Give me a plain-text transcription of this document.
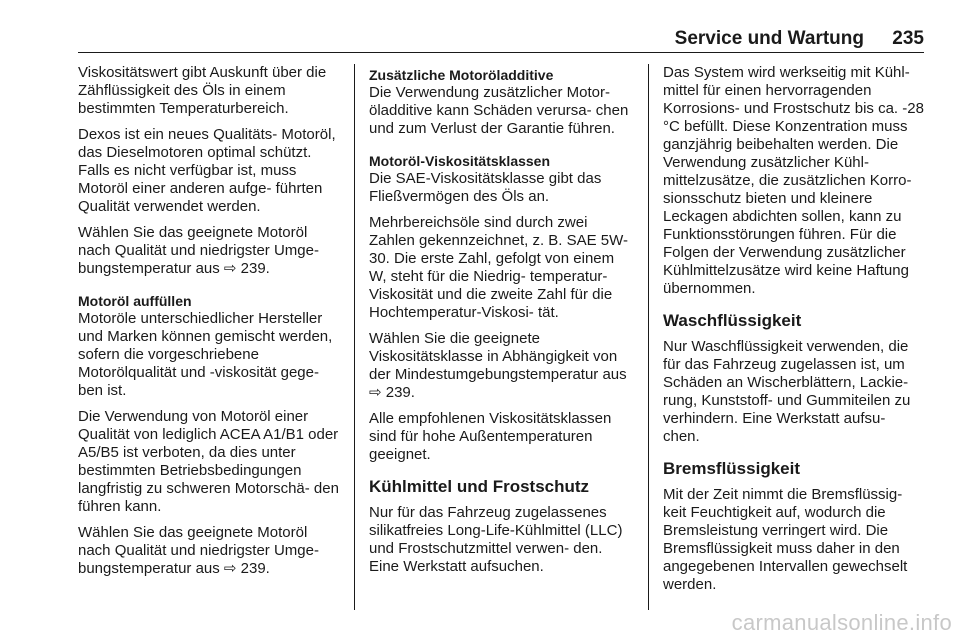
Service und Wartung 235

Viskositätswert gibt Auskunft über die Zähflüssigkeit des Öls in einem bestimmten Temperaturbereich.

Dexos ist ein neues Qualitäts- Motoröl, das Dieselmotoren optimal schützt. Falls es nicht verfügbar ist, muss Motoröl einer anderen aufge- führten Qualität verwendet werden.

Wählen Sie das geeignete Motoröl nach Qualität und niedrigster Umge- bungstemperatur aus ⇨ 239.

Motoröl auffüllen

Motoröle unterschiedlicher Hersteller und Marken können gemischt werden, sofern die vorgeschriebene Motorölqualität und -viskosität gege- ben ist.

Die Verwendung von Motoröl einer Qualität von lediglich ACEA A1/B1 oder A5/B5 ist verboten, da dies unter bestimmten Betriebsbedingungen langfristig zu schweren Motorschä- den führen kann.

Wählen Sie das geeignete Motoröl nach Qualität und niedrigster Umge- bungstemperatur aus ⇨ 239.

Zusätzliche Motoröladditive

Die Verwendung zusätzlicher Motor- öladditive kann Schäden verursa- chen und zum Verlust der Garantie führen.

Motoröl-Viskositätsklassen

Die SAE-Viskositätsklasse gibt das Fließvermögen des Öls an.

Mehrbereichsöle sind durch zwei Zahlen gekennzeichnet, z. B. SAE 5W-30. Die erste Zahl, gefolgt von einem W, steht für die Niedrig- temperatur-Viskosität und die zweite Zahl für die Hochtemperatur-Viskosi- tät.

Wählen Sie die geeignete Viskositätsklasse in Abhängigkeit von der Mindestumgebungstemperatur aus ⇨ 239.

Alle empfohlenen Viskositätsklassen sind für hohe Außentemperaturen geeignet.

Kühlmittel und Frostschutz

Nur für das Fahrzeug zugelassenes silikatfreies Long-Life-Kühlmittel (LLC) und Frostschutzmittel verwen- den. Eine Werkstatt aufsuchen.

Das System wird werkseitig mit Kühl- mittel für einen hervorragenden Korrosions- und Frostschutz bis ca. -28 °C befüllt. Diese Konzentration muss ganzjährig beibehalten werden. Die Verwendung zusätzlicher Kühl- mittelzusätze, die zusätzlichen Korro- sionsschutz bieten und kleinere Leckagen abdichten sollen, kann zu Funktionsstörungen führen. Für die Folgen der Verwendung zusätzlicher Kühlmittelzusätze wird keine Haftung übernommen.

Waschflüssigkeit

Nur Waschflüssigkeit verwenden, die für das Fahrzeug zugelassen ist, um Schäden an Wischerblättern, Lackie- rung, Kunststoff- und Gummiteilen zu verhindern. Eine Werkstatt aufsu- chen.

Bremsflüssigkeit

Mit der Zeit nimmt die Bremsflüssig- keit Feuchtigkeit auf, wodurch die Bremsleistung verringert wird. Die Bremsflüssigkeit muss daher in den angegebenen Intervallen gewechselt werden.

carmanualsonline.info
